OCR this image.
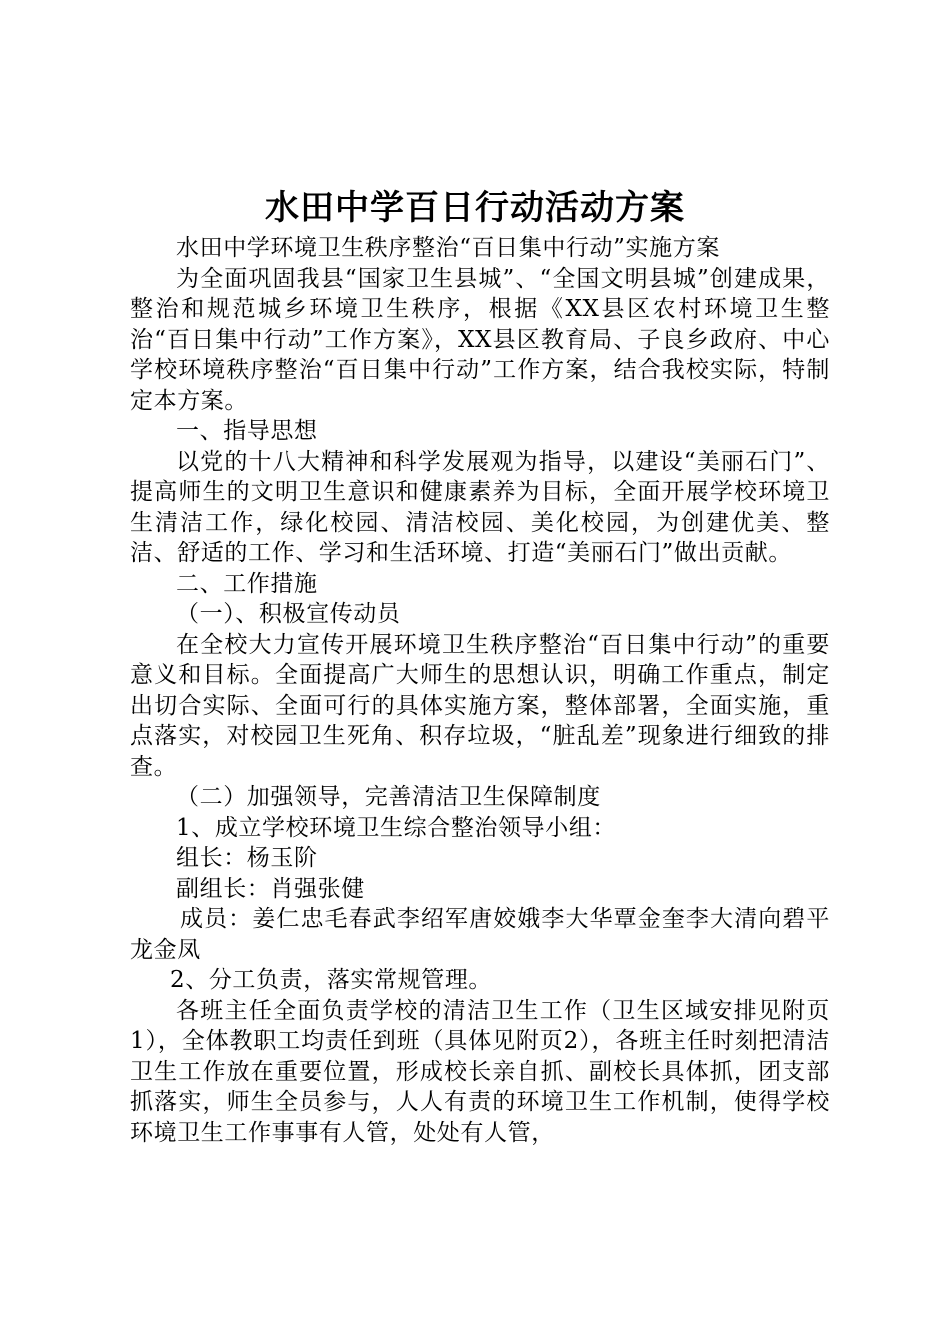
水田中学百日行动活动方案

水田中学环境卫生秩序整治“百日集中行动”实施方案

为全面巩固我县“国家卫生县城”、“全国文明县城”创建成果，整治和规范城乡环境卫生秩序，根据《XX县区农村环境卫生整治“百日集中行动”工作方案》，XX县区教育局、子良乡政府、中心学校环境秩序整治“百日集中行动”工作方案，结合我校实际，特制定本方案。

一、指导思想

以党的十八大精神和科学发展观为指导，以建设“美丽石门”、提高师生的文明卫生意识和健康素养为目标，全面开展学校环境卫生清洁工作，绿化校园、清洁校园、美化校园，为创建优美、整洁、舒适的工作、学习和生活环境、打造“美丽石门”做出贡献。

二、工作措施

（一）、积极宣传动员

在全校大力宣传开展环境卫生秩序整治“百日集中行动”的重要意义和目标。全面提高广大师生的思想认识，明确工作重点，制定出切合实际、全面可行的具体实施方案，整体部署，全面实施，重点落实，对校园卫生死角、积存垃圾，“脏乱差”现象进行细致的排查。

（二）加强领导，完善清洁卫生保障制度

1、成立学校环境卫生综合整治领导小组：

组长：杨玉阶

副组长：肖强张健

成员：姜仁忠毛春武李绍军唐姣娥李大华覃金奎李大清向碧平龙金凤

2、分工负责，落实常规管理。

各班主任全面负责学校的清洁卫生工作（卫生区域安排见附页1），全体教职工均责任到班（具体见附页2），各班主任时刻把清洁卫生工作放在重要位置，形成校长亲自抓、副校长具体抓，团支部抓落实，师生全员参与，人人有责的环境卫生工作机制，使得学校环境卫生工作事事有人管，处处有人管，
